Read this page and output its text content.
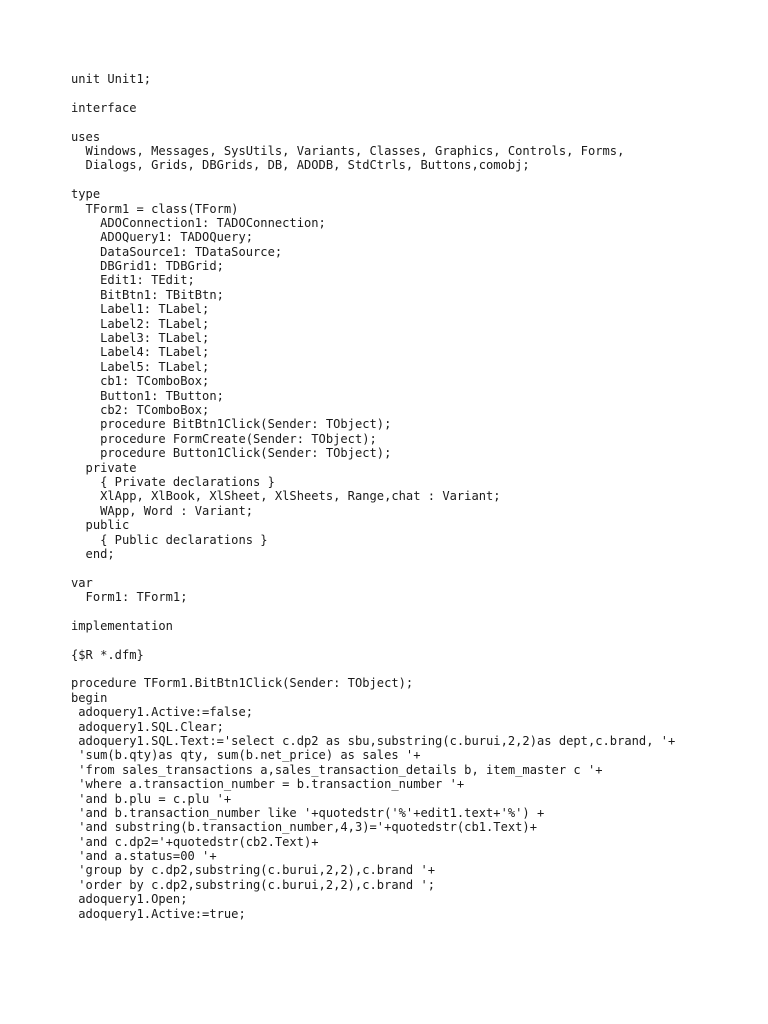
unit Unit1;
interface
uses
Windows, Messages, SysUtils, Variants, Classes, Graphics, Controls, Forms,
Dialogs, Grids, DBGrids, DB, ADODB, StdCtrls, Buttons,comobj;
type
TForm1 = class(TForm)
ADOConnection1: TADOConnection;
ADOQuery1: TADOQuery;
DataSource1: TDataSource;
DBGrid1: TDBGrid;
Edit1: TEdit;
BitBtn1: TBitBtn;
Label1: TLabel;
Label2: TLabel;
Label3: TLabel;
Label4: TLabel;
Label5: TLabel;
cb1: TComboBox;
Button1: TButton;
cb2: TComboBox;
procedure BitBtn1Click(Sender: TObject);
procedure FormCreate(Sender: TObject);
procedure Button1Click(Sender: TObject);
private
{ Private declarations }
XlApp, XlBook, XlSheet, XlSheets, Range,chat : Variant;
WApp, Word : Variant;
public
{ Public declarations }
end;
var
Form1: TForm1;
implementation
{$R *.dfm}
procedure TForm1.BitBtn1Click(Sender: TObject);
begin
adoquery1.Active:=false;
adoquery1.SQL.Clear;
adoquery1.SQL.Text:='select c.dp2 as sbu,substring(c.burui,2,2)as dept,c.brand, '+
'sum(b.qty)as qty, sum(b.net_price) as sales '+
'from sales_transactions a,sales_transaction_details b, item_master c '+
'where a.transaction_number = b.transaction_number '+
'and b.plu = c.plu '+
'and b.transaction_number like '+quotedstr('%'+edit1.text+'%') +
'and substring(b.transaction_number,4,3)='+quotedstr(cb1.Text)+
'and c.dp2='+quotedstr(cb2.Text)+
'and a.status=00 '+
'group by c.dp2,substring(c.burui,2,2),c.brand '+
'order by c.dp2,substring(c.burui,2,2),c.brand ';
adoquery1.Open;
adoquery1.Active:=true;
